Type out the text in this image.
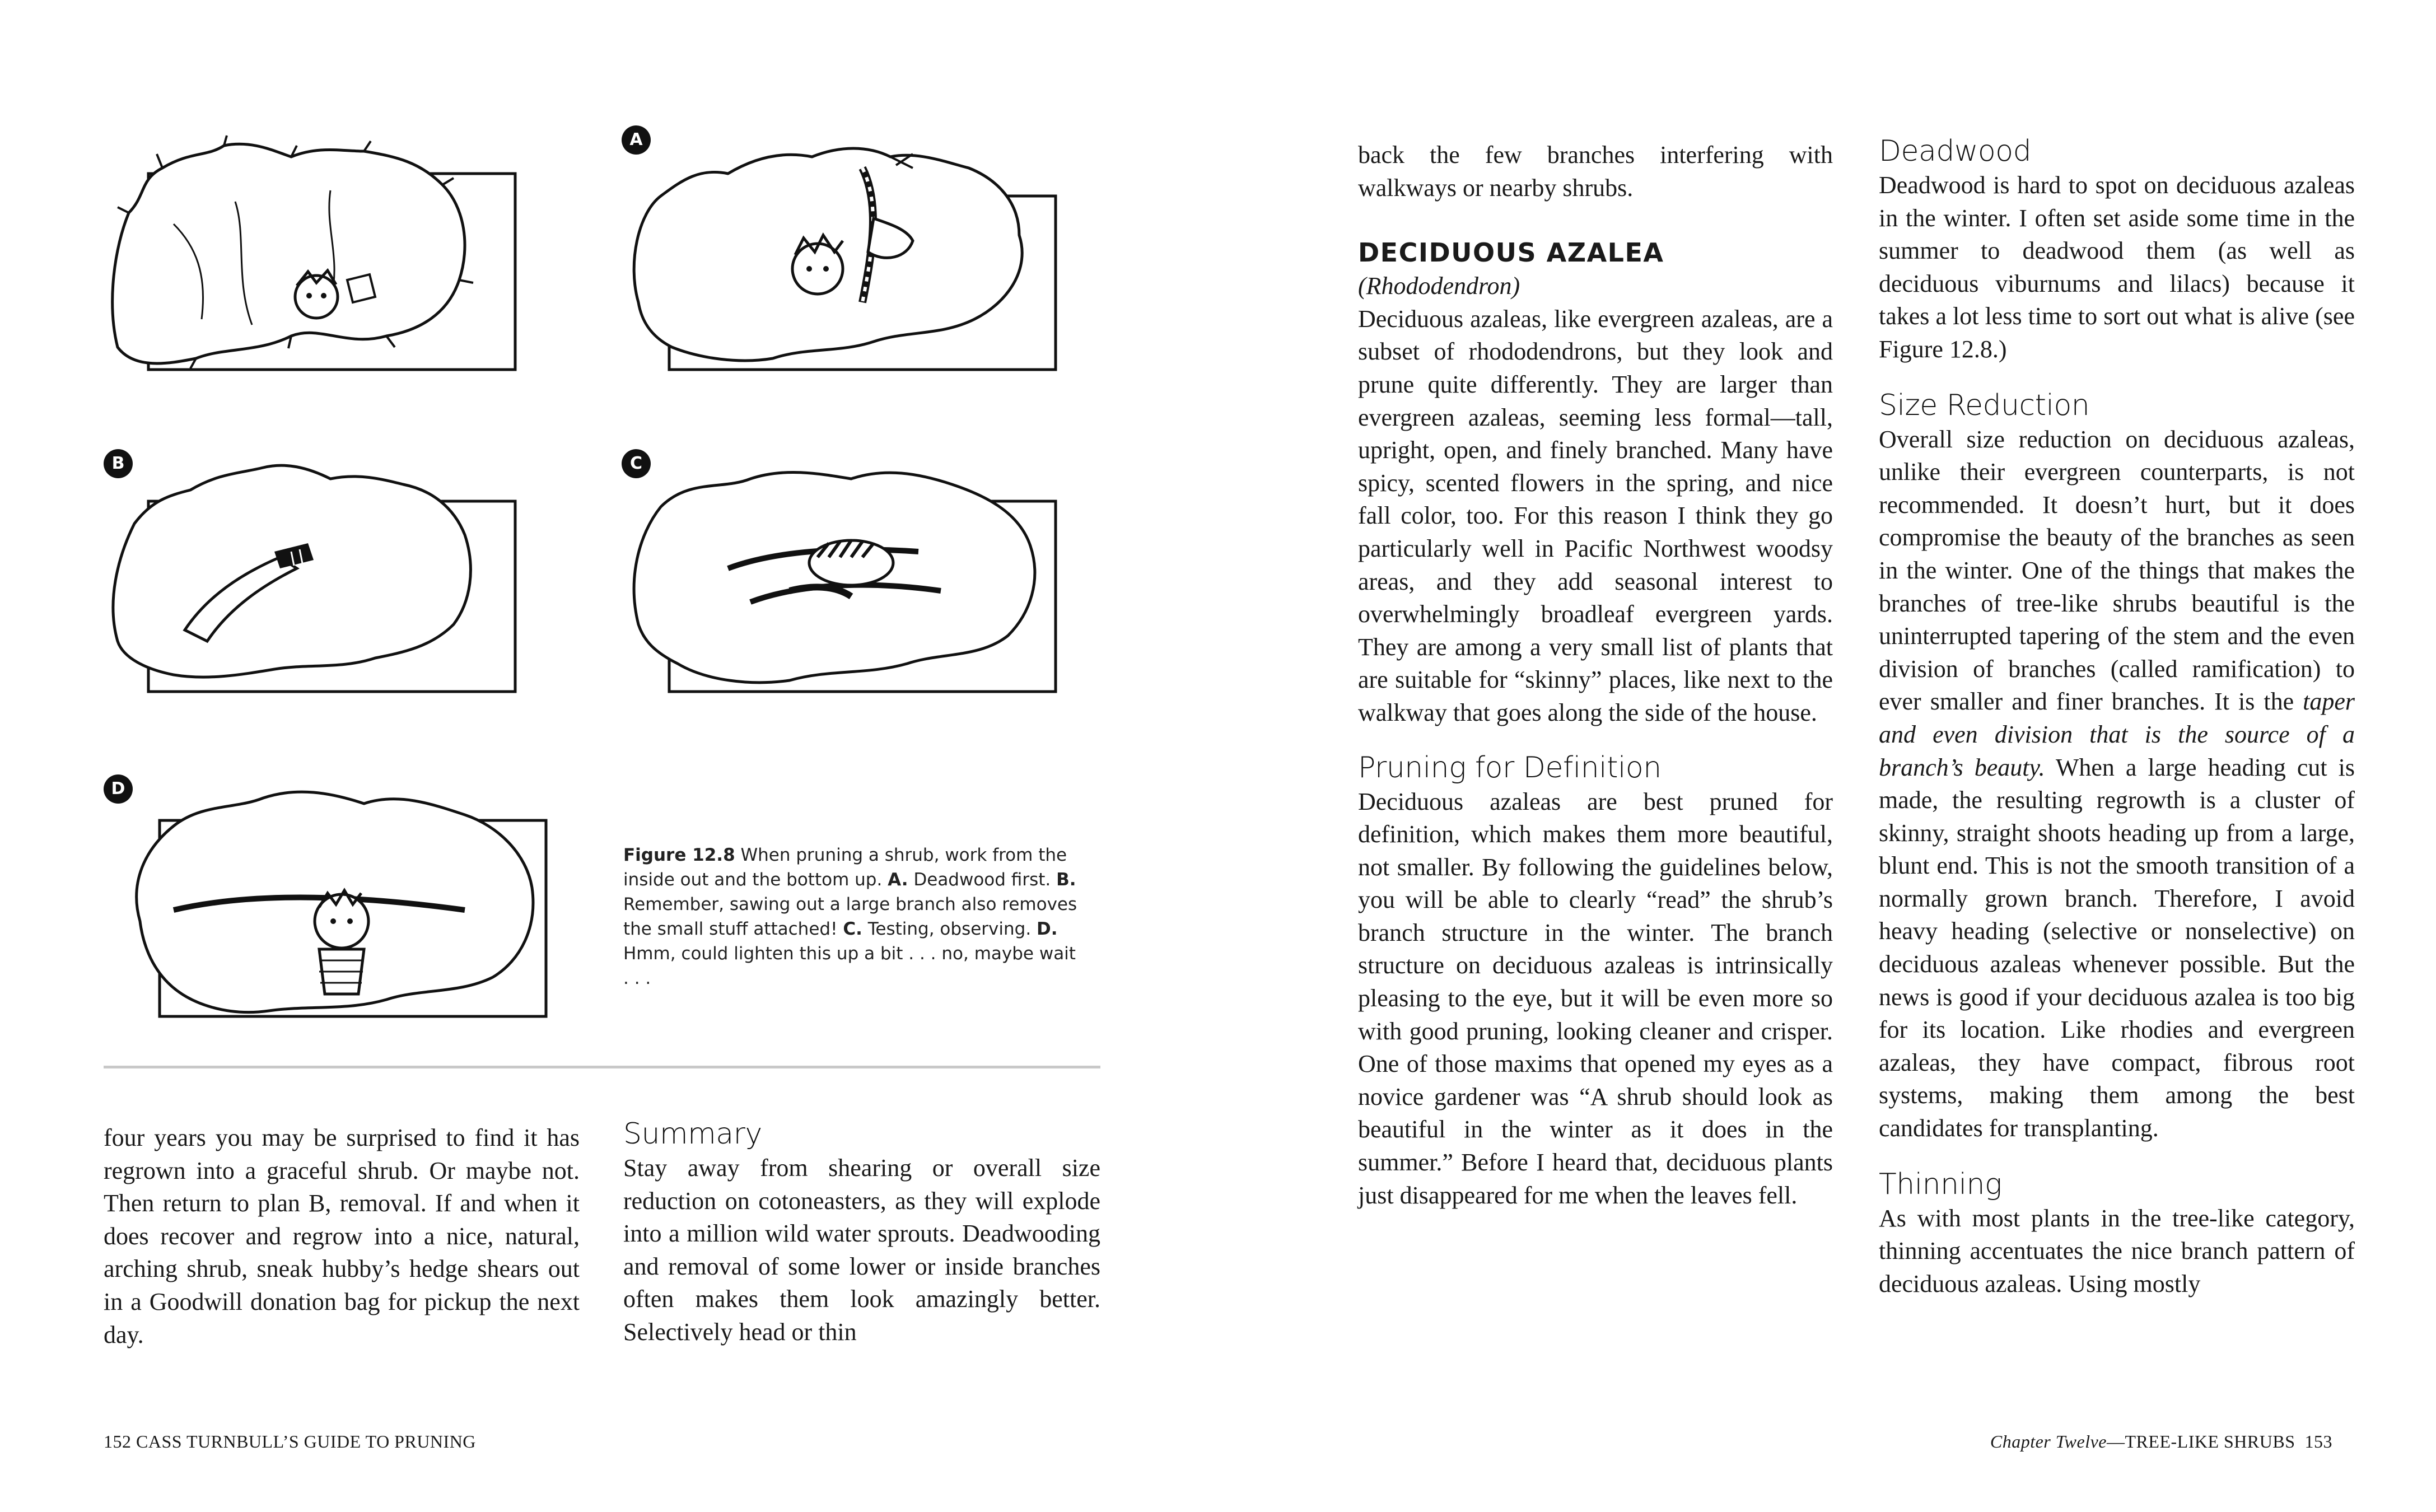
A
B	C
D
Figure 12.8 When pruning a shrub, work from the inside out and the bottom up. A. Deadwood first. B. Remember, sawing out a large branch also removes the small stuff attached! C. Testing, observing. D. Hmm, could lighten this up a bit . . . no, maybe wait . . .

four years you may be surprised to find it has regrown into a graceful shrub. Or maybe not. Then return to plan B, removal. If and when it does recover and regrow into a nice, natural, arching shrub, sneak hubby’s hedge shears out in a Goodwill donation bag for pickup the next day.

Summary

Stay away from shearing or overall size reduction on cotoneasters, as they will explode into a million wild water sprouts. Deadwooding and removal of some lower or inside branches often makes them look amazingly better. Selectively head or thin

152 CASS TURNBULL’S GUIDE TO PRUNING

back the few branches interfering with walkways or nearby shrubs.

DECIDUOUS AZALEA

(Rhododendron)

Deciduous azaleas, like evergreen azaleas, are a subset of rhododendrons, but they look and prune quite differently. They are larger than evergreen azaleas, seeming less formal—tall, upright, open, and finely branched. Many have spicy, scented flowers in the spring, and nice fall color, too. For this reason I think they go particularly well in Pacific Northwest woodsy areas, and they add seasonal interest to overwhelmingly broadleaf evergreen yards. They are among a very small list of plants that are suitable for “skinny” places, like next to the walkway that goes along the side of the house.

Pruning for Definition

Deciduous azaleas are best pruned for definition, which makes them more beautiful, not smaller. By following the guidelines below, you will be able to clearly “read” the shrub’s branch structure in the winter. The branch structure on deciduous azaleas is intrinsically pleasing to the eye, but it will be even more so with good pruning, looking cleaner and crisper. One of those maxims that opened my eyes as a novice gardener was “A shrub should look as beautiful in the winter as it does in the summer.” Before I heard that, deciduous plants just disappeared for me when the leaves fell.

Deadwood

Deadwood is hard to spot on deciduous azaleas in the winter. I often set aside some time in the summer to deadwood them (as well as deciduous viburnums and lilacs) because it takes a lot less time to sort out what is alive (see Figure 12.8.)

Size Reduction

Overall size reduction on deciduous azaleas, unlike their evergreen counterparts, is not recommended. It doesn’t hurt, but it does compromise the beauty of the branches as seen in the winter. One of the things that makes the branches of tree-like shrubs beautiful is the uninterrupted tapering of the stem and the even division of branches (called ramification) to ever smaller and finer branches. It is the taper and even division that is the source of a branch’s beauty. When a large heading cut is made, the resulting regrowth is a cluster of skinny, straight shoots heading up from a large, blunt end. This is not the smooth transition of a normally grown branch. Therefore, I avoid heavy heading (selective or nonselective) on deciduous azaleas whenever possible. But the news is good if your deciduous azalea is too big for its location. Like rhodies and evergreen azaleas, they have compact, fibrous root systems, making them among the best candidates for transplanting.

Thinning

As with most plants in the tree-like category, thinning accentuates the nice branch pattern of deciduous azaleas. Using mostly

Chapter Twelve—TREE-LIKE SHRUBS 153
